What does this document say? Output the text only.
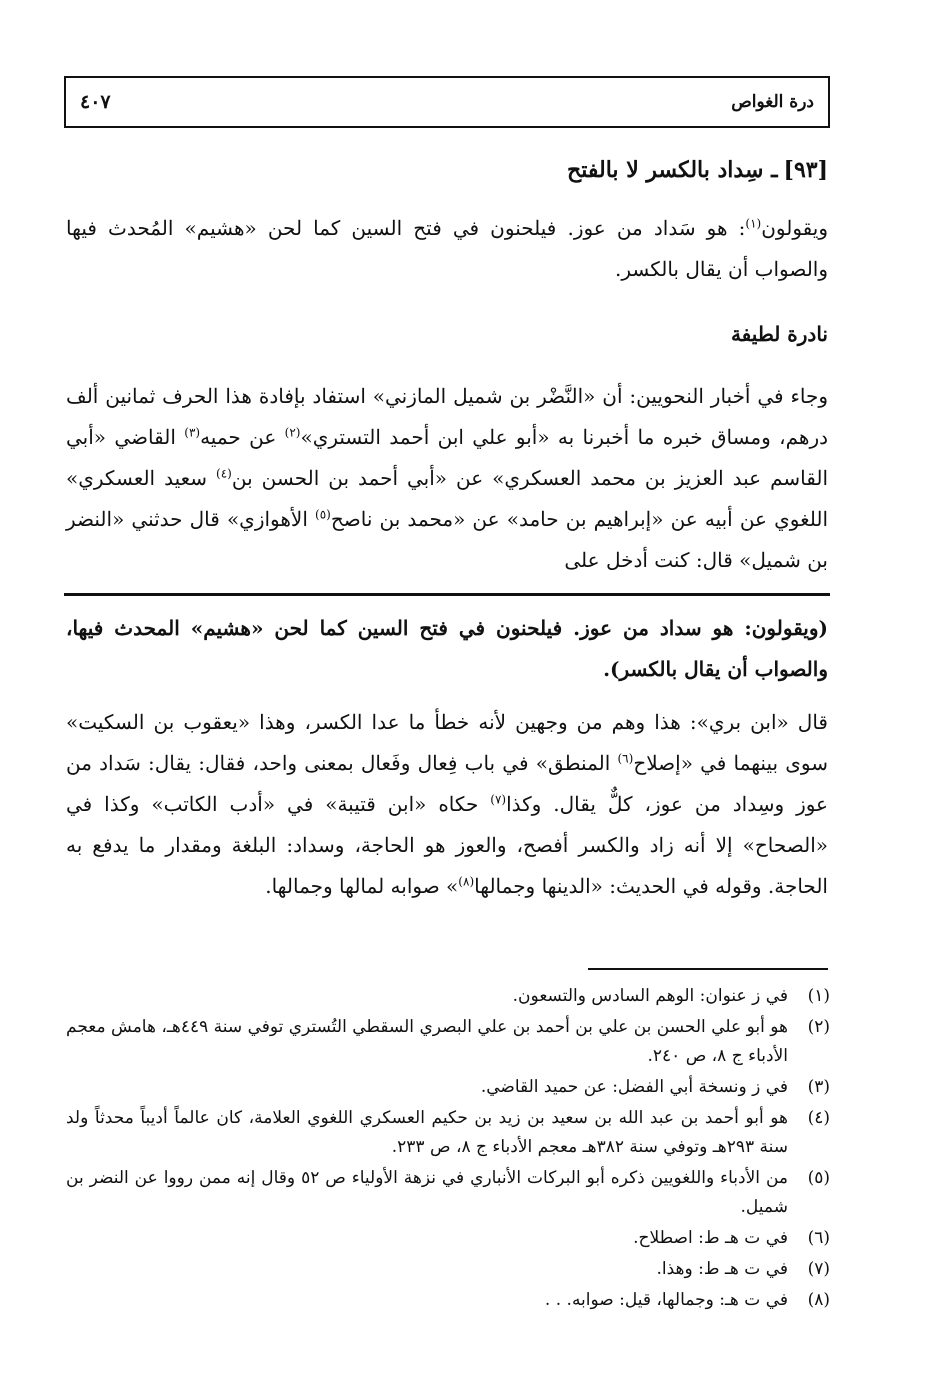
درة الغواص
٤٠٧
[٩٣]ـ سِداد بالكسر لا بالفتح

ويقولون$^{(١)}$: هو سَداد من عوز. فيلحنون في فتح السين كما لحن «هشيم» المُحدث فيها والصواب أن يقال بالكسر.

نادرة لطيفة

وجاء في أخبار النحويين: أن «النَّضْر بن شميل المازني» استفاد بإفادة هذا الحرف ثمانين ألف درهم، ومساق خبره ما أخبرنا به «أبو علي ابن أحمد التستري»$^{(٢)}$ عن حميه$^{(٣)}$ القاضي «أبي القاسم عبد العزيز بن محمد العسكري» عن «أبي أحمد بن الحسن بن$^{(٤)}$ سعيد العسكري» اللغوي عن أبيه عن «إبراهيم بن حامد» عن «محمد بن ناصح$^{(٥)}$ الأهوازي» قال حدثني «النضر بن شميل» قال: كنت أدخل على

(ويقولون: هو سداد من عوز. فيلحنون في فتح السين كما لحن «هشيم» المحدث فيها، والصواب أن يقال بالكسر).

قال «ابن بري»: هذا وهم من وجهين لأنه خطأ ما عدا الكسر، وهذا «يعقوب بن السكيت» سوى بينهما في «إصلاح$^{(٦)}$ المنطق» في باب فِعال وفَعال بمعنى واحد، فقال: يقال: سَداد من عوز وسِداد من عوز، كلٌّ يقال. وكذا$^{(٧)}$ حكاه «ابن قتيبة» في «أدب الكاتب» وكذا في «الصحاح» إلا أنه زاد والكسر أفصح، والعوز هو الحاجة، وسداد: البلغة ومقدار ما يدفع به الحاجة. وقوله في الحديث: «الدينها وجمالها$^{(٨)}$» صوابه لمالها وجمالها.

(١)
في ز عنوان: الوهم السادس والتسعون.
(٢)
هو أبو علي الحسن بن علي بن أحمد بن علي البصري السقطي التُستري توفي سنة ٤٤٩هـ، هامش معجم الأدباء ج ٨، ص ٢٤٠.
(٣)
في ز ونسخة أبي الفضل: عن حميد القاضي.
(٤)
هو أبو أحمد بن عبد الله بن سعيد بن زيد بن حكيم العسكري اللغوي العلامة، كان عالماً أديباً محدثاً ولد سنة ٢٩٣هـ وتوفي سنة ٣٨٢هـ معجم الأدباء ج ٨، ص ٢٣٣.
(٥)
من الأدباء واللغويين ذكره أبو البركات الأنباري في نزهة الأولياء ص ٥٢ وقال إنه ممن رووا عن النضر بن شميل.
(٦)
في ت هـ ط: اصطلاح.
(٧)
في ت هـ ط: وهذا.
(٨)
في ت هـ: وجمالها، قيل: صوابه. . .
